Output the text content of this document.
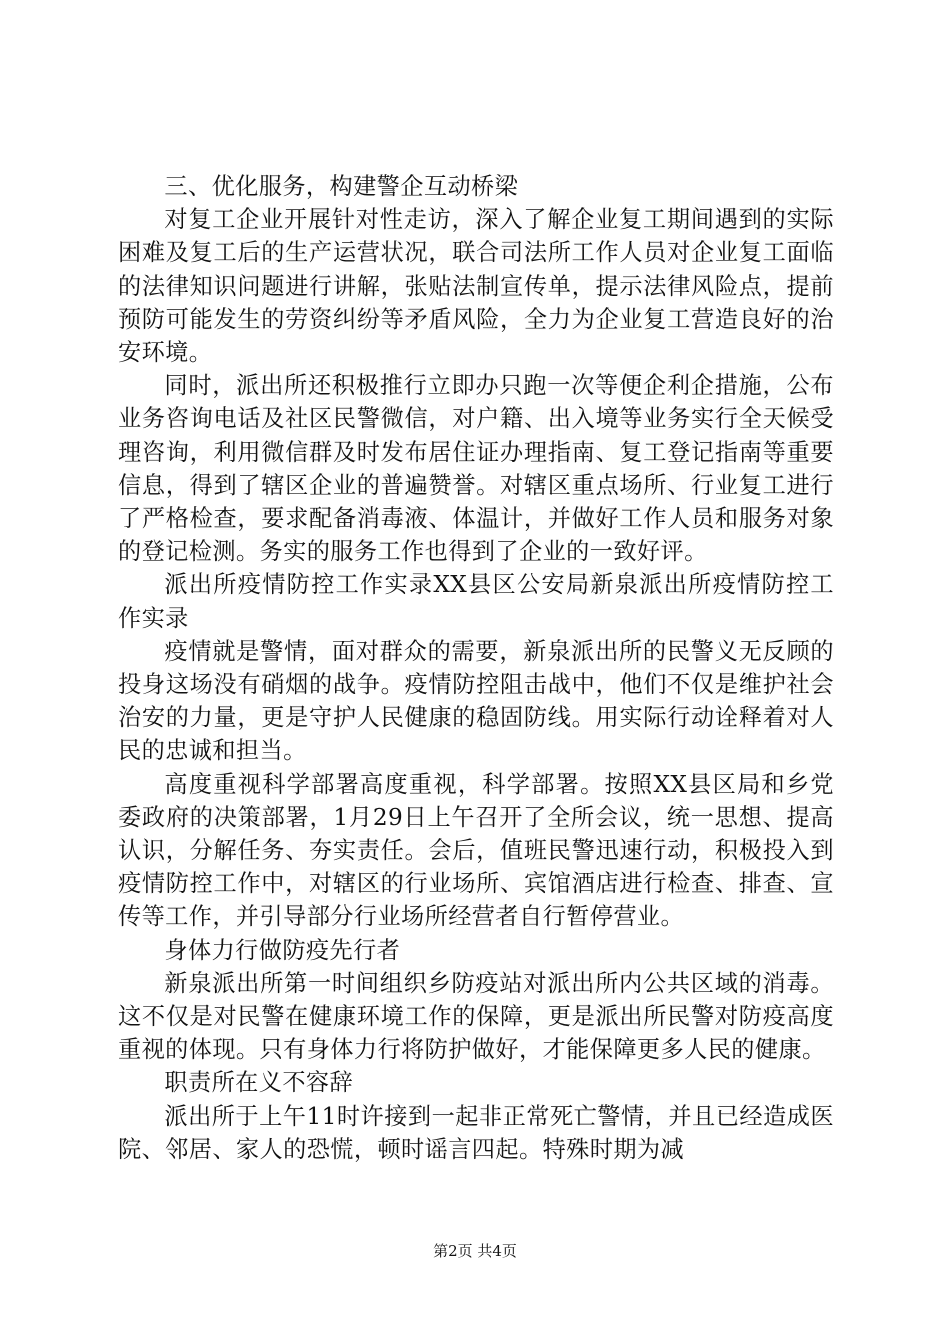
三、优化服务，构建警企互动桥梁

对复工企业开展针对性走访，深入了解企业复工期间遇到的实际困难及复工后的生产运营状况，联合司法所工作人员对企业复工面临的法律知识问题进行讲解，张贴法制宣传单，提示法律风险点，提前预防可能发生的劳资纠纷等矛盾风险，全力为企业复工营造良好的治安环境。

同时，派出所还积极推行立即办只跑一次等便企利企措施，公布业务咨询电话及社区民警微信，对户籍、出入境等业务实行全天候受理咨询，利用微信群及时发布居住证办理指南、复工登记指南等重要信息，得到了辖区企业的普遍赞誉。对辖区重点场所、行业复工进行了严格检查，要求配备消毒液、体温计，并做好工作人员和服务对象的登记检测。务实的服务工作也得到了企业的一致好评。

派出所疫情防控工作实录XX县区公安局新泉派出所疫情防控工作实录

疫情就是警情，面对群众的需要，新泉派出所的民警义无反顾的投身这场没有硝烟的战争。疫情防控阻击战中，他们不仅是维护社会治安的力量，更是守护人民健康的稳固防线。用实际行动诠释着对人民的忠诚和担当。

高度重视科学部署高度重视，科学部署。按照XX县区局和乡党委政府的决策部署，1月29日上午召开了全所会议，统一思想、提高认识，分解任务、夯实责任。会后，值班民警迅速行动，积极投入到疫情防控工作中，对辖区的行业场所、宾馆酒店进行检查、排查、宣传等工作，并引导部分行业场所经营者自行暂停营业。

身体力行做防疫先行者

新泉派出所第一时间组织乡防疫站对派出所内公共区域的消毒。这不仅是对民警在健康环境工作的保障，更是派出所民警对防疫高度重视的体现。只有身体力行将防护做好，才能保障更多人民的健康。

职责所在义不容辞

派出所于上午11时许接到一起非正常死亡警情，并且已经造成医院、邻居、家人的恐慌，顿时谣言四起。特殊时期为减

第2页 共4页
